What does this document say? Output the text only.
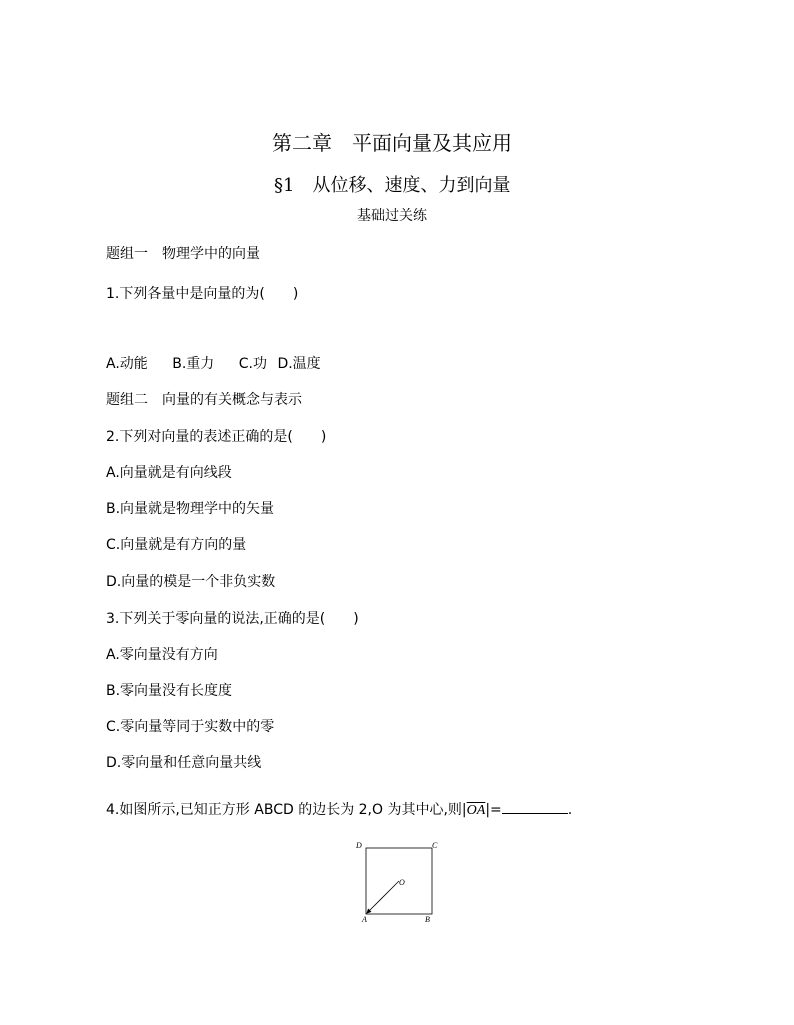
第二章　平面向量及其应用
§1　从位移、速度、力到向量
基础过关练
题组一　物理学中的向量
1.下列各量中是向量的为(　　)
A.动能 B.重力 C.功 D.温度
题组二　向量的有关概念与表示
2.下列对向量的表述正确的是(　　)
A.向量就是有向线段
B.向量就是物理学中的矢量
C.向量就是有方向的量
D.向量的模是一个非负实数
3.下列关于零向量的说法,正确的是(　　)
A.零向量没有方向
B.零向量没有长度度
C.零向量等同于实数中的零
D.零向量和任意向量共线
4.如图所示,已知正方形 ABCD 的边长为 2,O 为其中心,则$|\overline{OA}|=$	.
D	C
O
A	B
